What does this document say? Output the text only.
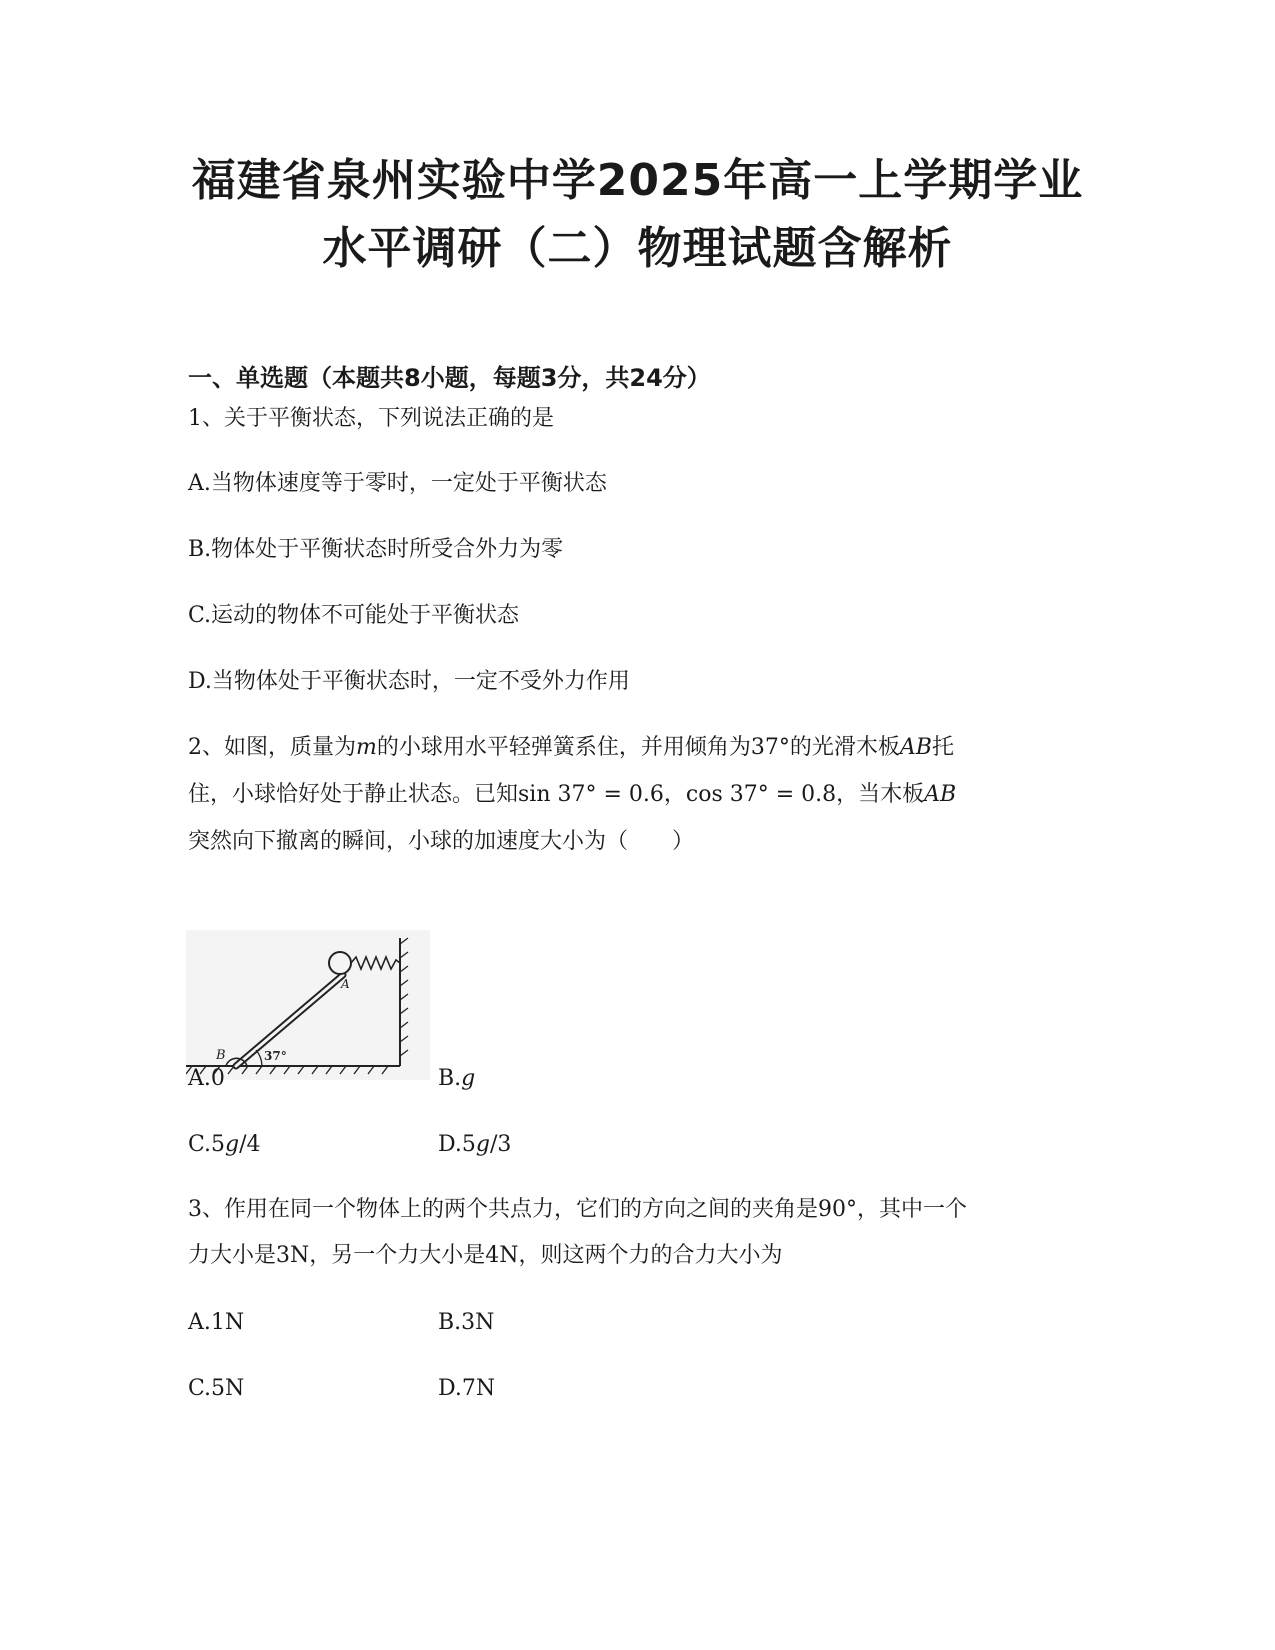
福建省泉州实验中学2025年高一上学期学业
水平调研（二）物理试题含解析
一、单选题（本题共8小题，每题3分，共24分）
1、关于平衡状态，下列说法正确的是
A.当物体速度等于零时，一定处于平衡状态
B.物体处于平衡状态时所受合外力为零
C.运动的物体不可能处于平衡状态
D.当物体处于平衡状态时，一定不受外力作用
2、如图，质量为m的小球用水平轻弹簧系住，并用倾角为37°的光滑木板AB托
住，小球恰好处于静止状态。已知sin 37° = 0.6，cos 37° = 0.8，当木板AB
突然向下撤离的瞬间，小球的加速度大小为（　　）
A
B	37°
A.0	B.g
C.5g/4	D.5g/3
3、作用在同一个物体上的两个共点力，它们的方向之间的夹角是90°，其中一个
力大小是3N，另一个力大小是4N，则这两个力的合力大小为
A.1N	B.3N
C.5N	D.7N
